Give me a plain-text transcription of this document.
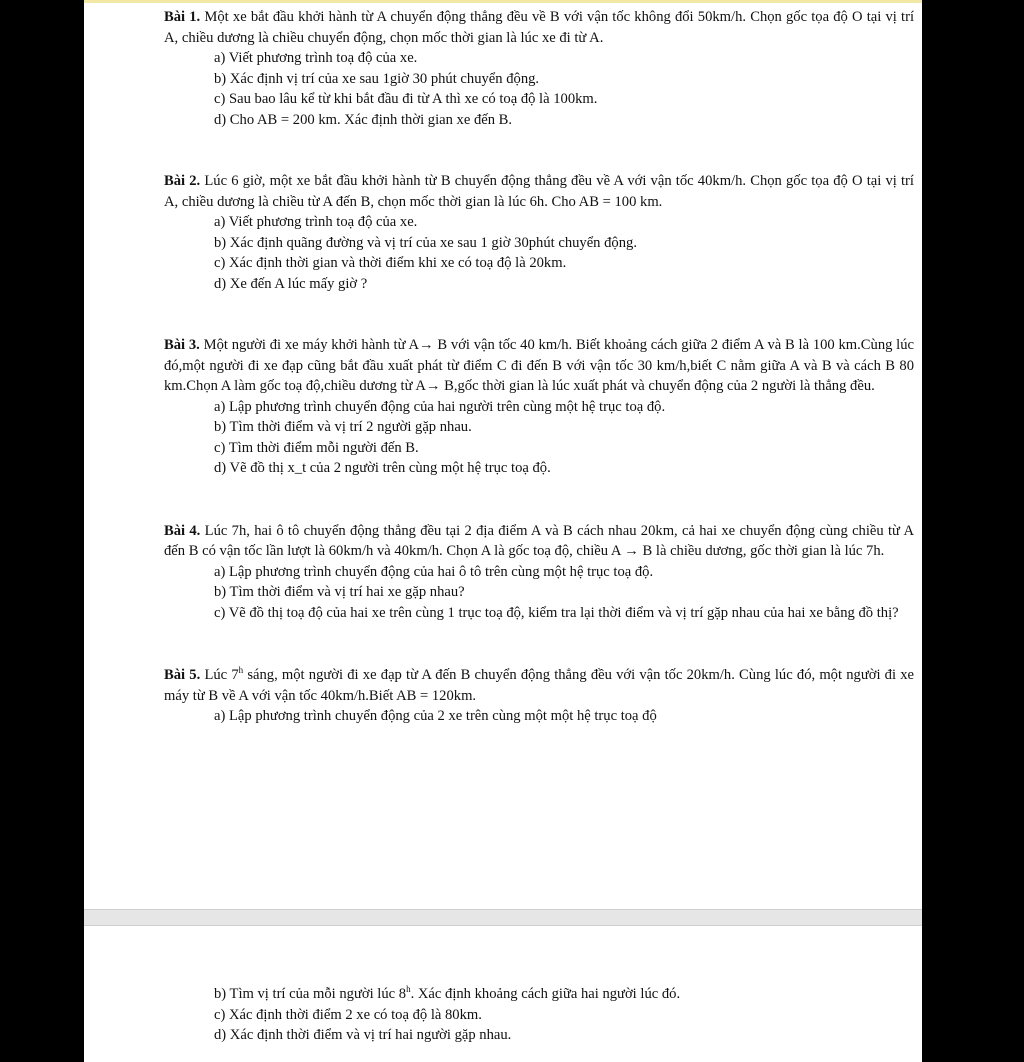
Bài 1. Một xe bắt đầu khởi hành từ A chuyển động thẳng đều về B với vận tốc không đổi 50km/h. Chọn gốc tọa độ O tại vị trí A, chiều dương là chiều chuyển động, chọn mốc thời gian là lúc xe đi từ A.

a) Viết phương trình toạ độ của xe.
b) Xác định vị trí của xe sau 1giờ 30 phút chuyển động.
c) Sau bao lâu kể từ khi bắt đầu đi từ A thì xe có toạ độ là 100km.
d) Cho AB = 200 km. Xác định thời gian xe đến B.

Bài 2. Lúc 6 giờ, một xe bắt đầu khởi hành từ B chuyển động thẳng đều về A với vận tốc 40km/h. Chọn gốc tọa độ O tại vị trí A, chiều dương là chiều từ A đến B, chọn mốc thời gian là lúc 6h. Cho AB = 100 km.

a) Viết phương trình toạ độ của xe.
b) Xác định quãng đường và vị trí của xe sau 1 giờ 30phút chuyển động.
c) Xác định thời gian và thời điểm khi xe có toạ độ là 20km.
d) Xe đến A lúc mấy giờ ?

Bài 3. Một người đi xe máy khởi hành từ A→ B với vận tốc 40 km/h. Biết khoảng cách giữa 2 điểm A và B là 100 km.Cùng lúc đó,một người đi xe đạp cũng bắt đầu xuất phát từ điểm C đi đến B với vận tốc 30 km/h,biết C nằm giữa A và B và cách B 80 km.Chọn A làm gốc toạ độ,chiều dương từ A→ B,gốc thời gian là lúc xuất phát và chuyển động của 2 người là thẳng đều.

a) Lập phương trình chuyển động của hai người trên cùng một hệ trục toạ độ.
b) Tìm thời điểm và vị trí 2 người gặp nhau.
c) Tìm thời điểm mỗi người đến B.
d) Vẽ đồ thị x_t của 2 người trên cùng một hệ trục toạ độ.

Bài 4. Lúc 7h, hai ô tô chuyển động thẳng đều tại 2 địa điểm A và B cách nhau 20km, cả hai xe chuyển động cùng chiều từ A đến B có vận tốc lần lượt là 60km/h và 40km/h. Chọn A là gốc toạ độ, chiều A → B là chiều dương, gốc thời gian là lúc 7h.

a) Lập phương trình chuyển động của hai ô tô trên cùng một hệ trục toạ độ.
b) Tìm thời điểm và vị trí hai xe gặp nhau?
c) Vẽ đồ thị toạ độ của hai xe trên cùng 1 trục toạ độ, kiểm tra lại thời điểm và vị trí gặp nhau của hai xe bằng đồ thị?

Bài 5. Lúc 7$^h$ sáng, một người đi xe đạp từ A đến B chuyển động thẳng đều với vận tốc 20km/h. Cùng lúc đó, một người đi xe máy từ B về A với vận tốc 40km/h.Biết AB = 120km.

a) Lập phương trình chuyển động của 2 xe trên cùng một một hệ trục toạ độ
b) Tìm vị trí của mỗi người lúc 8$^h$. Xác định khoảng cách giữa hai người lúc đó.
c) Xác định thời điểm 2 xe có toạ độ là 80km.
d) Xác định thời điểm và vị trí hai người gặp nhau.
